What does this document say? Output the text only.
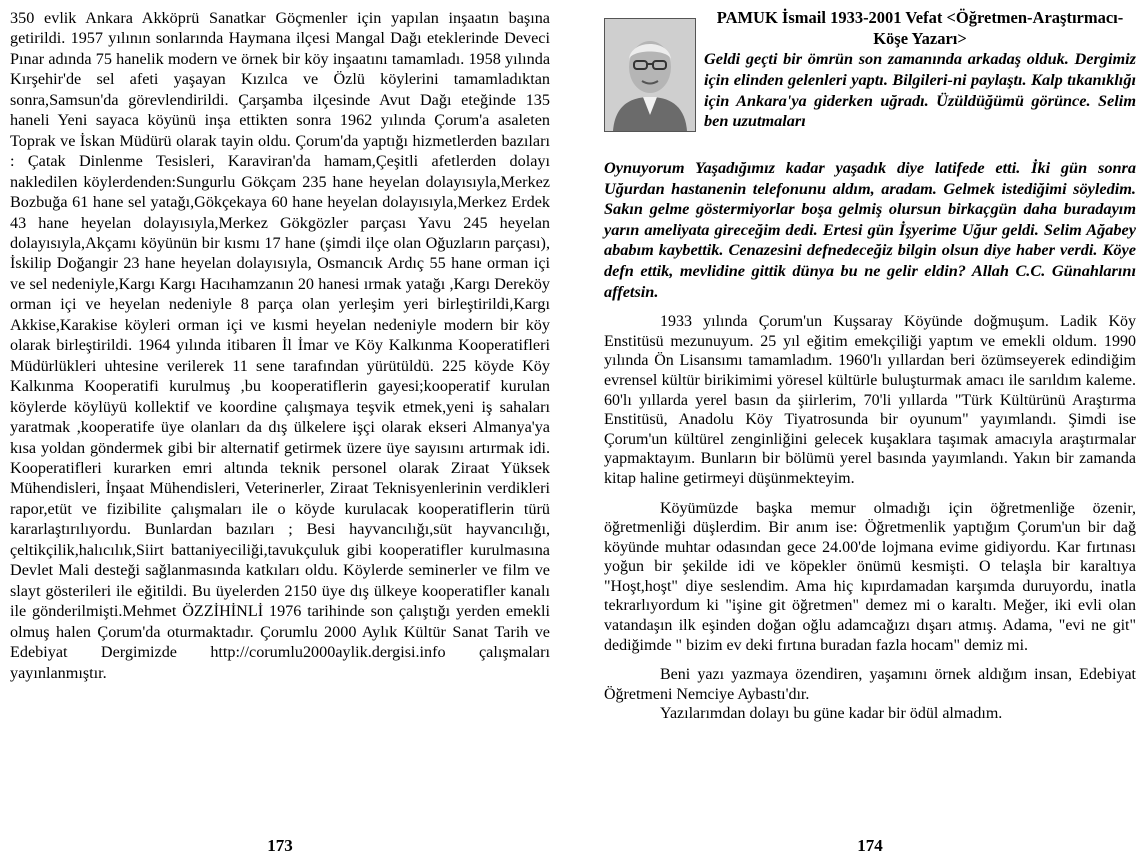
350 evlik Ankara Akköprü Sanatkar Göçmenler için yapılan inşaatın başına getirildi. 1957 yılının sonlarında Haymana ilçesi Mangal Dağı eteklerinde Deveci Pınar adında 75 hanelik modern ve örnek bir köy inşaatını tamamladı. 1958 yılında Kırşehir'de sel afeti yaşayan Kızılca ve Özlü köylerini tamamladıktan sonra,Samsun'da görevlendirildi. Çarşamba ilçesinde Avut Dağı eteğinde 135 haneli Yeni sayaca köyünü inşa ettikten sonra 1962 yılında Çorum'a asaleten Toprak ve İskan Müdürü olarak tayin oldu. Çorum'da yaptığı hizmetlerden bazıları : Çatak Dinlenme Tesisleri, Karaviran'da hamam,Çeşitli afetlerden dolayı nakledilen köylerdenden:Sungurlu Gökçam 235 hane heyelan dolayısıyla,Merkez Bozbuğa 61 hane sel yatağı,Gökçekaya 60 hane heyelan dolayısıyla,Merkez Erdek 43 hane heyelan dolayısıyla,Merkez Gökgözler parçası Yavu 245 heyelan dolayısıyla,Akçamı köyünün bir kısmı 17 hane (şimdi ilçe olan Oğuzların parçası), İskilip Doğangir 23 hane heyelan dolayısıyla, Osmancık Ardıç 55 hane orman içi ve sel nedeniyle,Kargı Kargı Hacıhamzanın 20 hanesi ırmak yatağı ,Kargı Dereköy orman içi ve heyelan nedeniyle 8 parça olan yerleşim yeri birleştirildi,Kargı Akkise,Karakise köyleri orman içi ve kısmi heyelan nedeniyle modern bir köy olarak birleştirildi. 1964 yılında itibaren İl İmar ve Köy Kalkınma Kooperatifleri Müdürlükleri uhtesine verilerek 11 sene tarafından yürütüldü. 225 köyde Köy Kalkınma Kooperatifi kurulmuş ,bu kooperatiflerin gayesi;kooperatif kurulan köylerde köylüyü kollektif ve koordine çalışmaya teşvik etmek,yeni iş sahaları yaratmak ,kooperatife üye olanları da dış ülkelere işçi olarak ekseri Almanya'ya kısa yoldan göndermek gibi bir alternatif getirmek üzere üye sayısını artırmak idi. Kooperatifleri kurarken emri altında teknik personel olarak Ziraat Yüksek Mühendisleri, İnşaat Mühendisleri, Veterinerler, Ziraat Teknisyenlerinin verdikleri rapor,etüt ve fizibilite çalışmaları ile o köyde kurulacak kooperatiflerin türü kararlaştırılıyordu. Bunlardan bazıları ; Besi hayvancılığı,süt hayvancılığı, çeltikçilik,halıcılık,Siirt battaniyeciliği,tavukçuluk gibi kooperatifler kurulmasına Devlet Mali desteği sağlanmasında katkıları oldu. Köylerde seminerler ve film ve slayt gösterileri ile eğitildi. Bu üyelerden 2150 üye dış ülkeye kooperatifler kanalı ile gönderilmişti.Mehmet ÖZZİHİNLİ 1976 tarihinde son çalıştığı yerden emekli olmuş halen Çorum'da oturmaktadır. Çorumlu 2000 Aylık Kültür Sanat Tarih ve Edebiyat Dergimizde http://corumlu2000aylik.dergisi.info çalışmaları yayınlanmıştır.

173

PAMUK İsmail 1933-2001 Vefat <Öğretmen-Araştırmacı-Köşe Yazarı>

Geldi geçti bir ömrün son zamanında arkadaş olduk. Dergimiz için elinden gelenleri yaptı. Bilgileri-ni paylaştı. Kalp tıkanıklığı için Ankara'ya giderken uğradı. Üzüldüğümü görünce. Selim ben uzutmaları

Oynuyorum Yaşadığımız kadar yaşadık diye latifede etti. İki gün sonra Uğurdan hastanenin telefonunu aldım, aradam. Gelmek istediğimi söyledim. Sakın gelme göstermiyorlar boşa gelmiş olursun birkaçgün daha buradayım yarın ameliyata gireceğim dedi. Ertesi gün İşyerime Uğur geldi. Selim Ağabey ababım kaybettik. Cenazesini defnedeceğiz bilgin olsun diye haber verdi. Köye defn ettik, mevlidine gittik dünya bu ne gelir eldin? Allah C.C. Günahlarını affetsin.

1933 yılında Çorum'un Kuşsaray Köyünde doğmuşum. Ladik Köy Enstitüsü mezunuyum. 25 yıl eğitim emekçiliği yaptım ve emekli oldum. 1990 yılında Ön Lisansımı tamamladım. 1960'lı yıllardan beri özümseyerek edindiğim evrensel kültür birikimimi yöresel kültürle buluşturmak amacı ile sarıldım kaleme. 60'lı yıllarda yerel basın da şiirlerim, 70'li yıllarda "Türk Kültürünü Araştırma Enstitüsü, Anadolu Köy Tiyatrosunda bir oyunum" yayımlandı. Şimdi ise Çorum'un kültürel zenginliğini gelecek kuşaklara taşımak amacıyla araştırmalar yapmaktayım. Bunların bir bölümü yerel basında yayımlandı. Yakın bir zamanda kitap haline getirmeyi düşünmekteyim.

Köyümüzde başka memur olmadığı için öğretmenliğe özenir, öğretmenliği düşlerdim. Bir anım ise: Öğretmenlik yaptığım Çorum'un bir dağ köyünde muhtar odasından gece 24.00'de lojmana evime gidiyordu. Kar fırtınası yoğun bir şekilde idi ve köpekler önümü kesmişti. O telaşla bir karaltıya "Hoşt,hoşt" diye seslendim. Ama hiç kıpırdamadan karşımda duruyordu, inatla tekrarlıyordum ki "işine git öğretmen" demez mi o karaltı. Meğer, iki evli olan vatandaşın ilk eşinden doğan oğlu adamcağızı dışarı atmış. Adama, "evi ne git" dediğimde " bizim ev deki fırtına buradan fazla hocam" demiz mi.

Beni yazı yazmaya özendiren, yaşamını örnek aldığım insan, Edebiyat Öğretmeni Nemciye Aybastı'dır.

Yazılarımdan dolayı bu güne kadar bir ödül almadım.

174
